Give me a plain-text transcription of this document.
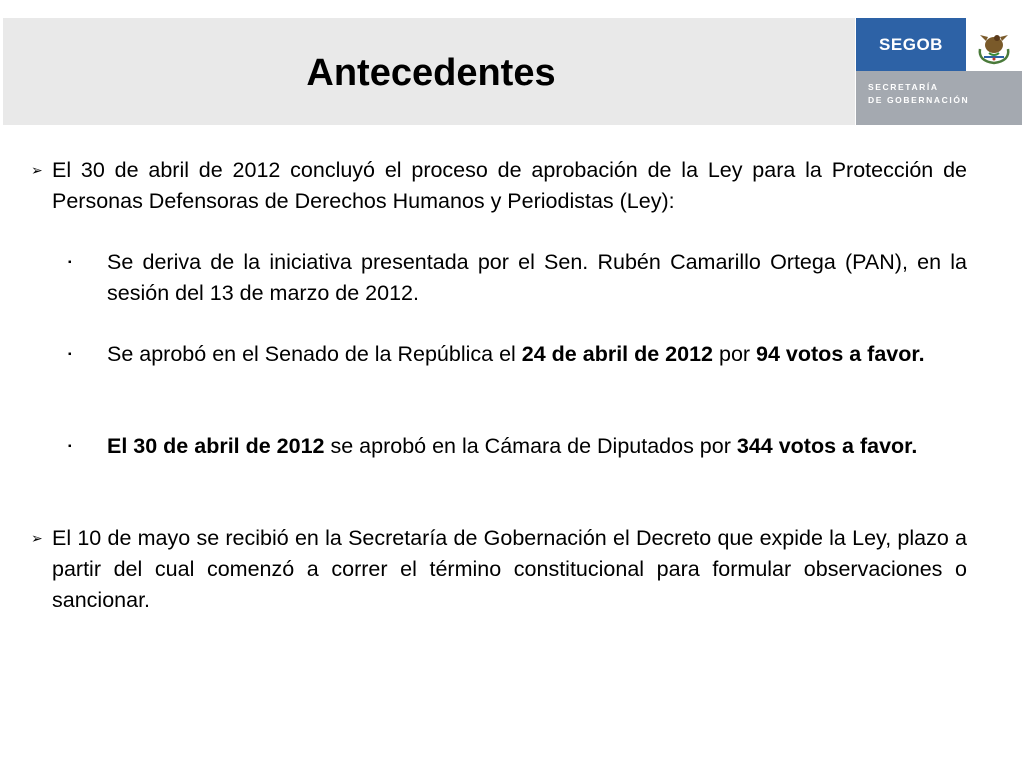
Antecedentes
SEGOB
SECRETARÍA
DE GOBERNACIÓN
➢ El 30 de abril de 2012 concluyó el proceso de aprobación de la Ley para la Protección de Personas Defensoras de Derechos Humanos y Periodistas (Ley):
▪ Se deriva de la iniciativa presentada por el Sen. Rubén Camarillo Ortega (PAN), en la sesión del 13 de marzo de 2012.
▪ Se aprobó en el Senado de la República el 24 de abril de 2012 por 94 votos a favor.
▪ El 30 de abril de 2012 se aprobó en la Cámara de Diputados por 344 votos a favor.
➢ El 10 de mayo se recibió en la Secretaría de Gobernación el Decreto que expide la Ley, plazo a partir del cual comenzó a correr el término constitucional para formular observaciones o sancionar.
